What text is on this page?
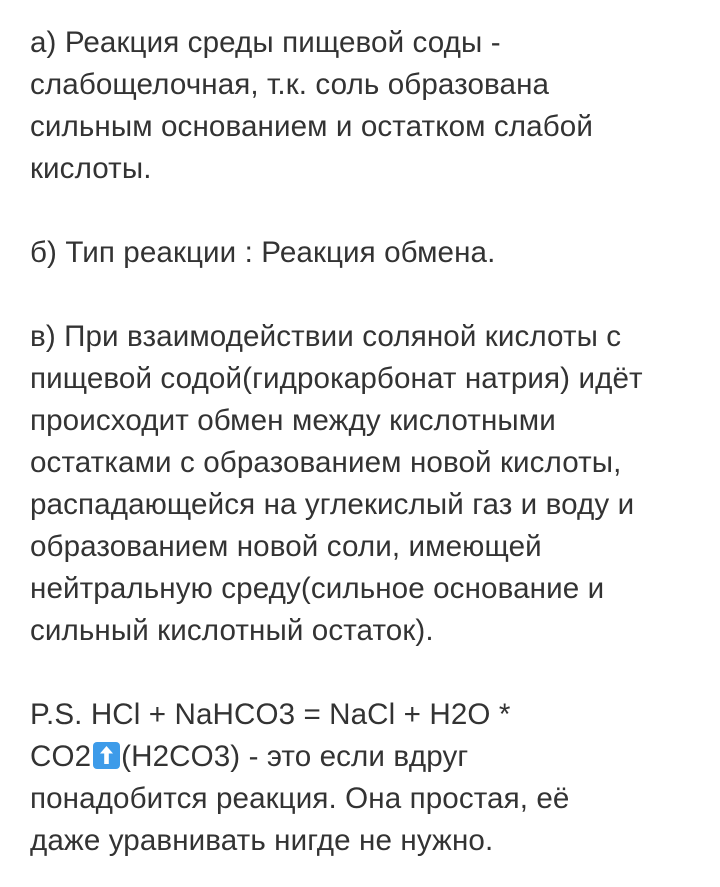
а) Реакция среды пищевой соды -
слабощелочная, т.к. соль образована
сильным основанием и остатком слабой
кислоты.
б) Тип реакции : Реакция обмена.
в) При взаимодействии соляной кислоты с
пищевой содой(гидрокарбонат натрия) идёт
происходит обмен между кислотными
остатками с образованием новой кислоты,
распадающейся на углекислый газ и воду и
образованием новой соли, имеющей
нейтральную среду(сильное основание и
сильный кислотный остаток).
P.S. HCl + NaHCO3 = NaCl + H2O *
CO2 (H2CO3) - это если вдруг
понадобится реакция. Она простая, её
даже уравнивать нигде не нужно.
